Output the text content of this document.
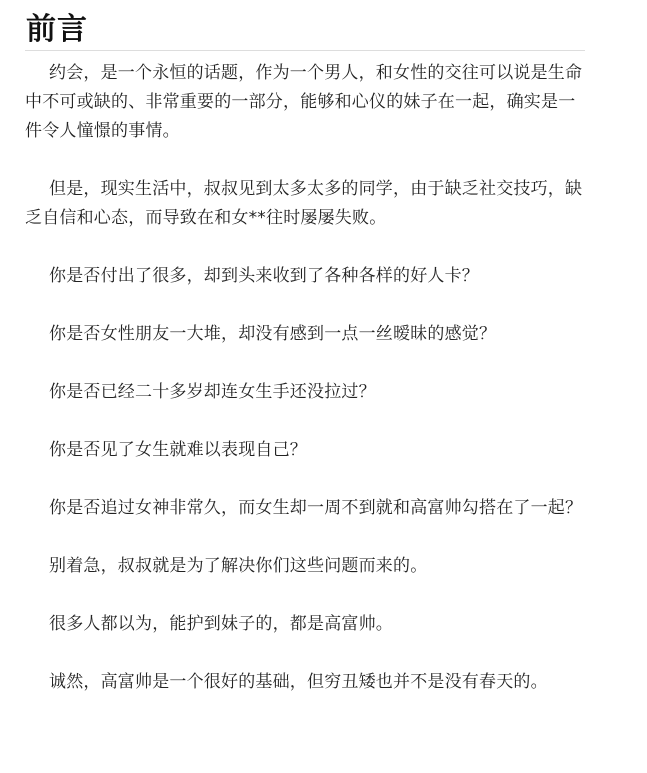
前言

约会，是一个永恒的话题，作为一个男人，和女性的交往可以说是生命中不可或缺的、非常重要的一部分，能够和心仪的妹子在一起，确实是一件令人憧憬的事情。

但是，现实生活中，叔叔见到太多太多的同学，由于缺乏社交技巧，缺乏自信和心态，而导致在和女**往时屡屡失败。

你是否付出了很多，却到头来收到了各种各样的好人卡？

你是否女性朋友一大堆，却没有感到一点一丝暧昧的感觉？

你是否已经二十多岁却连女生手还没拉过？

你是否见了女生就难以表现自己？

你是否追过女神非常久，而女生却一周不到就和高富帅勾搭在了一起？

别着急，叔叔就是为了解决你们这些问题而来的。

很多人都以为，能护到妹子的，都是高富帅。

诚然，高富帅是一个很好的基础，但穷丑矮也并不是没有春天的。
